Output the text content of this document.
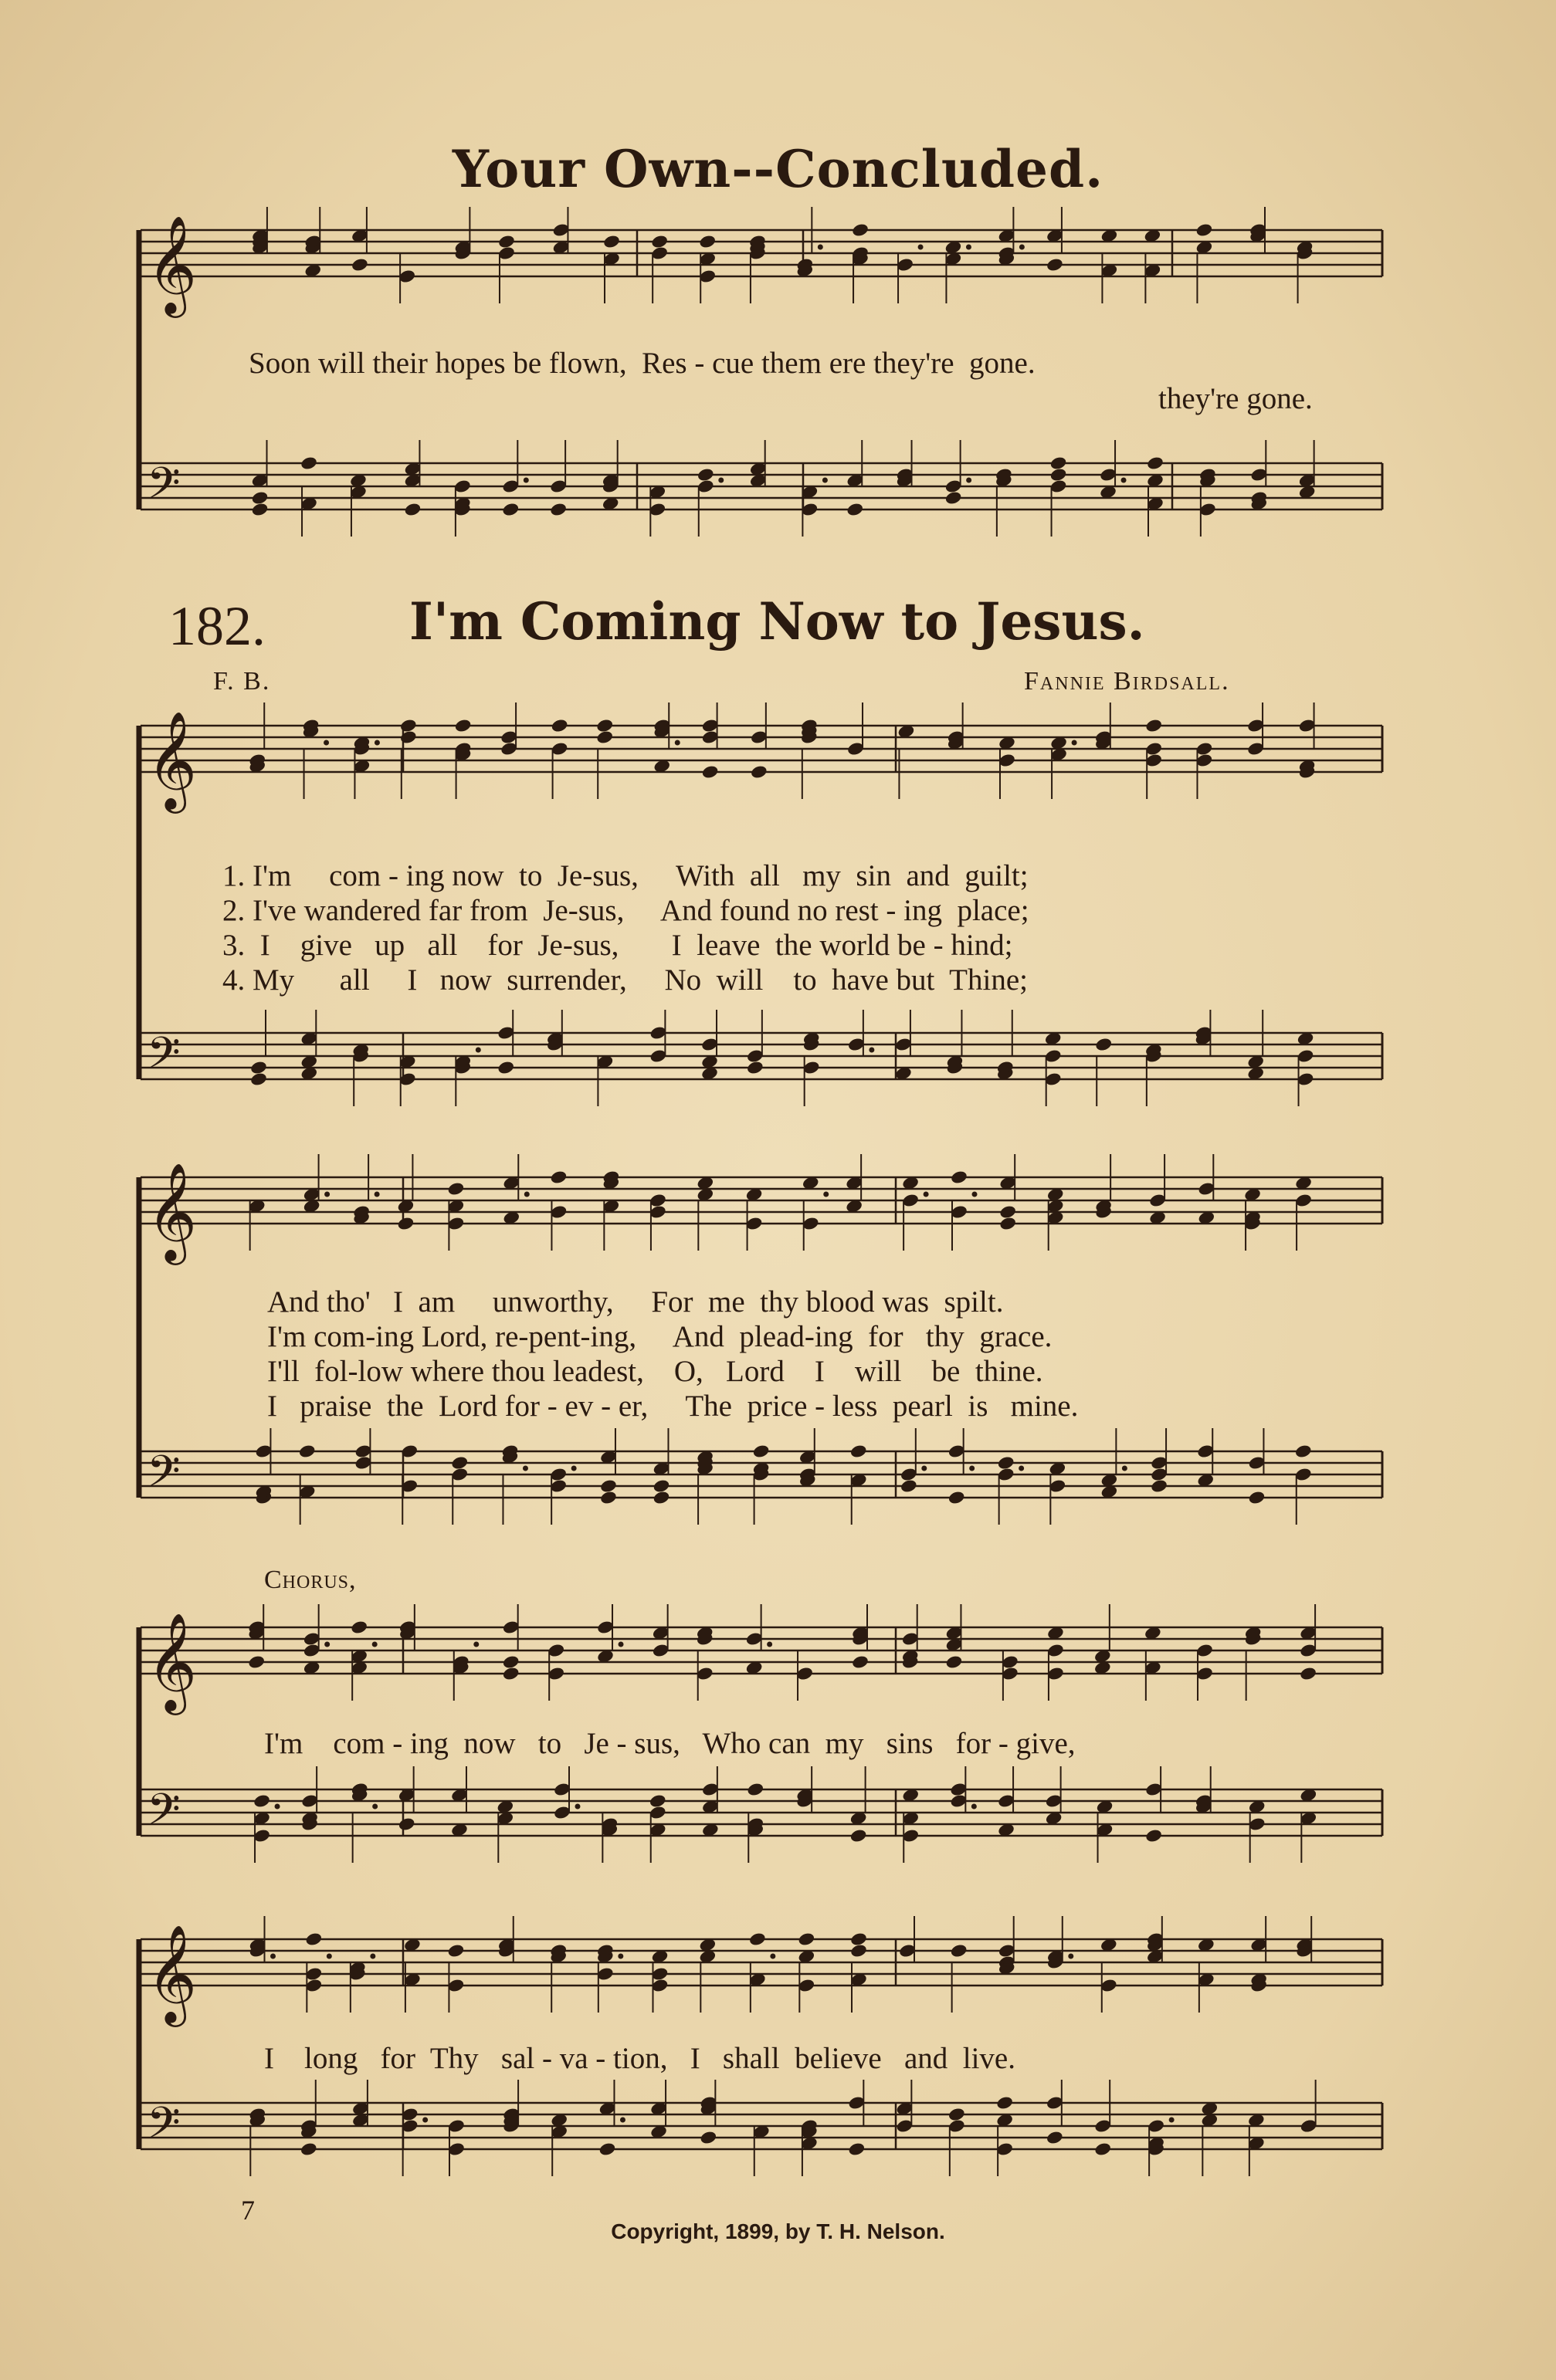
Your Own--Concluded.
𝄞
𝄢
𝄞
𝄢
𝄞
𝄢
𝄞
𝄢
𝄞
𝄢
Soon will their hopes be flown,  Res - cue them ere they're  gone.
they're gone.
182.	I'm Coming Now to Jesus.
F. B.	Fannie Birdsall.
1. I'm     com - ing now  to  Je-sus,     With  all   my  sin  and  guilt;
2. I've wandered far from  Je-sus,     And found no rest - ing  place;
3.  I    give   up   all    for  Je-sus,       I  leave  the world be - hind;
4. My      all     I   now  surrender,     No  will    to  have but  Thine;
And tho'   I  am     unworthy,     For  me  thy blood was  spilt.
I'm com-ing Lord, re-pent-ing,     And  plead-ing  for   thy  grace.
I'll  fol-low where thou leadest,    O,   Lord    I    will    be  thine.
I   praise  the  Lord for - ev - er,     The  price - less  pearl  is   mine.
Chorus,
I'm    com - ing  now   to   Je - sus,   Who can  my   sins   for - give,
I    long   for  Thy   sal - va - tion,   I   shall  believe   and  live.
7
Copyright, 1899, by T. H. Nelson.
